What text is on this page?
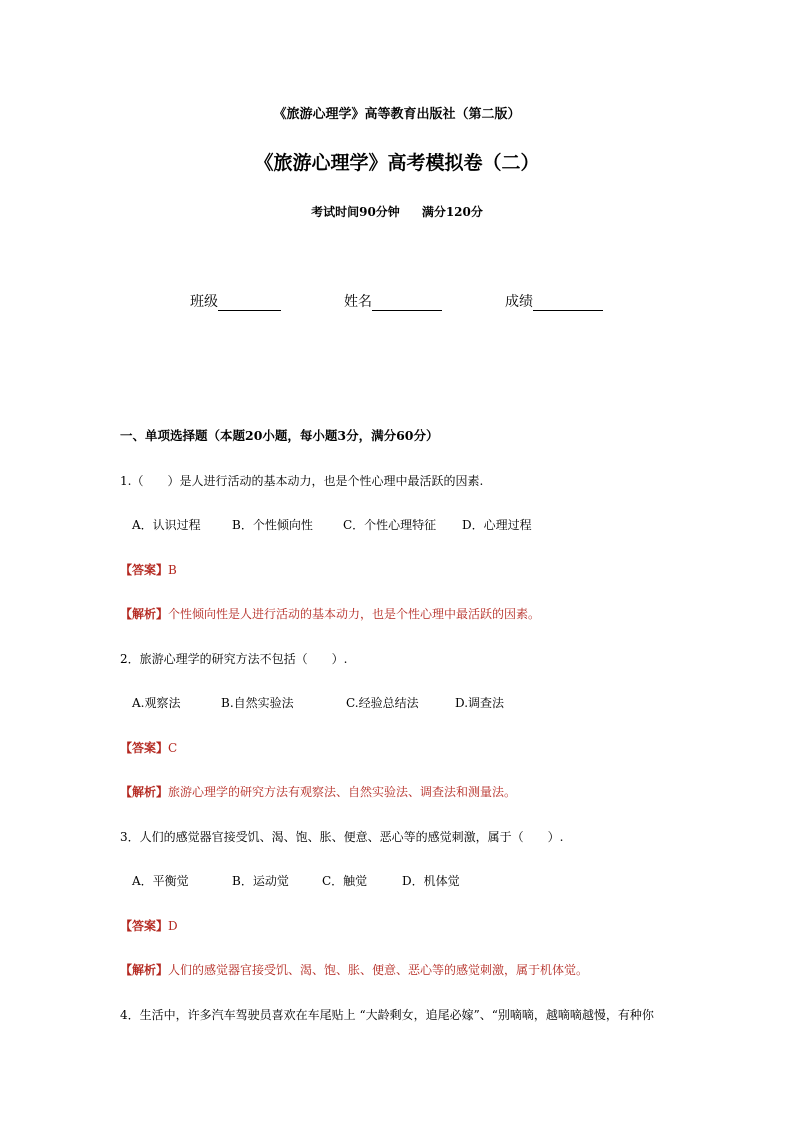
《旅游心理学》高等教育出版社（第二版）
《旅游心理学》高考模拟卷（二）
考试时间90分钟 满分120分
班级	姓名	成绩
一、单项选择题（本题20小题，每小题3分，满分60分）
1.（　　）是人进行活动的基本动力，也是个性心理中最活跃的因素.
A．认识过程	B．个性倾向性	C．个性心理特征 D．心理过程
【答案】B
【解析】个性倾向性是人进行活动的基本动力，也是个性心理中最活跃的因素。
2．旅游心理学的研究方法不包括（　　）.
A.观察法	B.自然实验法	C.经验总结法	D.调查法
【答案】C
【解析】旅游心理学的研究方法有观察法、自然实验法、调查法和测量法。
3．人们的感觉器官接受饥、渴、饱、胀、便意、恶心等的感觉刺激，属于（　　）.
A．平衡觉	B．运动觉	C．触觉	D．机体觉
【答案】D
【解析】人们的感觉器官接受饥、渴、饱、胀、便意、恶心等的感觉刺激，属于机体觉。
4．生活中，许多汽车驾驶员喜欢在车尾贴上 “大龄剩女，追尾必嫁”、“别嘀嘀，越嘀嘀越慢，有种你
